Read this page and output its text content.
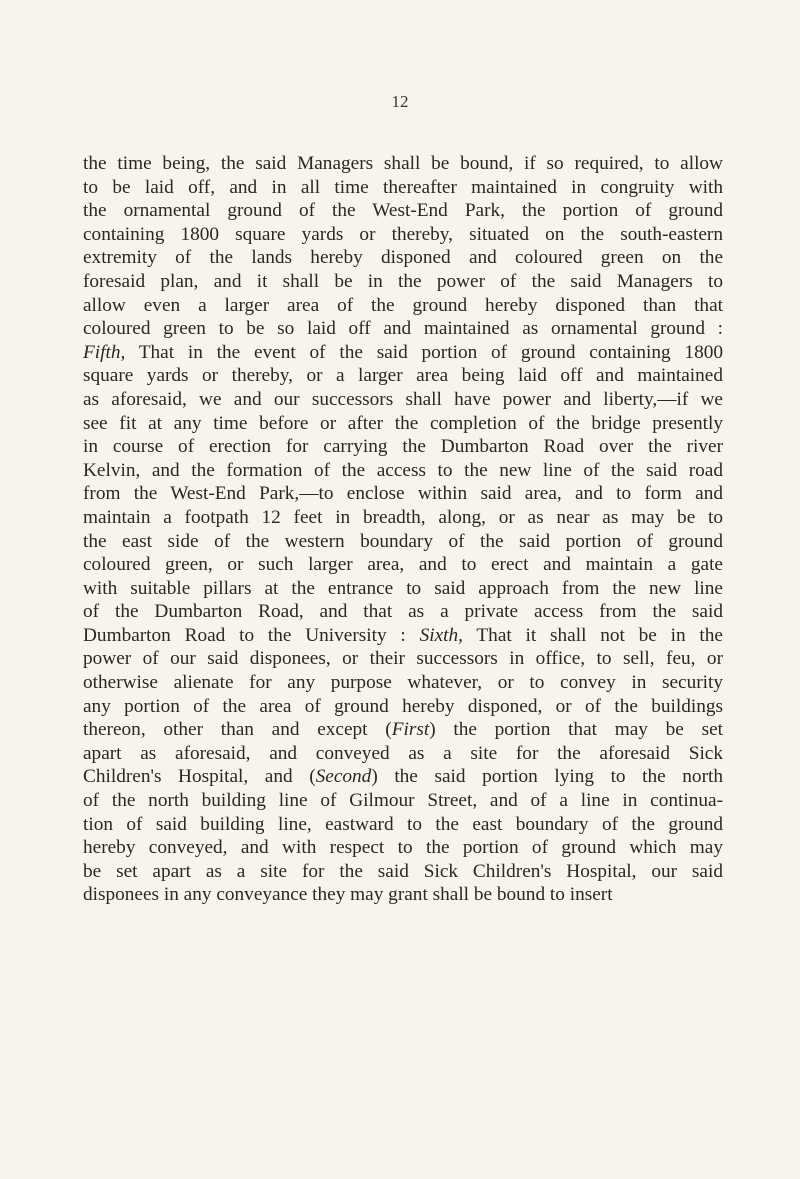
12
the time being, the said Managers shall be bound, if so required, to allow
to be laid off, and in all time thereafter maintained in congruity with
the ornamental ground of the West-End Park, the portion of ground
containing 1800 square yards or thereby, situated on the south-eastern
extremity of the lands hereby disponed and coloured green on the
foresaid plan, and it shall be in the power of the said Managers to
allow even a larger area of the ground hereby disponed than that
coloured green to be so laid off and maintained as ornamental ground :
Fifth, That in the event of the said portion of ground containing 1800
square yards or thereby, or a larger area being laid off and maintained
as aforesaid, we and our successors shall have power and liberty,—if we
see fit at any time before or after the completion of the bridge presently
in course of erection for carrying the Dumbarton Road over the river
Kelvin, and the formation of the access to the new line of the said road
from the West-End Park,—to enclose within said area, and to form and
maintain a footpath 12 feet in breadth, along, or as near as may be to
the east side of the western boundary of the said portion of ground
coloured green, or such larger area, and to erect and maintain a gate
with suitable pillars at the entrance to said approach from the new line
of the Dumbarton Road, and that as a private access from the said
Dumbarton Road to the University : Sixth, That it shall not be in the
power of our said disponees, or their successors in office, to sell, feu, or
otherwise alienate for any purpose whatever, or to convey in security
any portion of the area of ground hereby disponed, or of the buildings
thereon, other than and except (First) the portion that may be set
apart as aforesaid, and conveyed as a site for the aforesaid Sick
Children's Hospital, and (Second) the said portion lying to the north
of the north building line of Gilmour Street, and of a line in continua-
tion of said building line, eastward to the east boundary of the ground
hereby conveyed, and with respect to the portion of ground which may
be set apart as a site for the said Sick Children's Hospital, our said
disponees in any conveyance they may grant shall be bound to insert
